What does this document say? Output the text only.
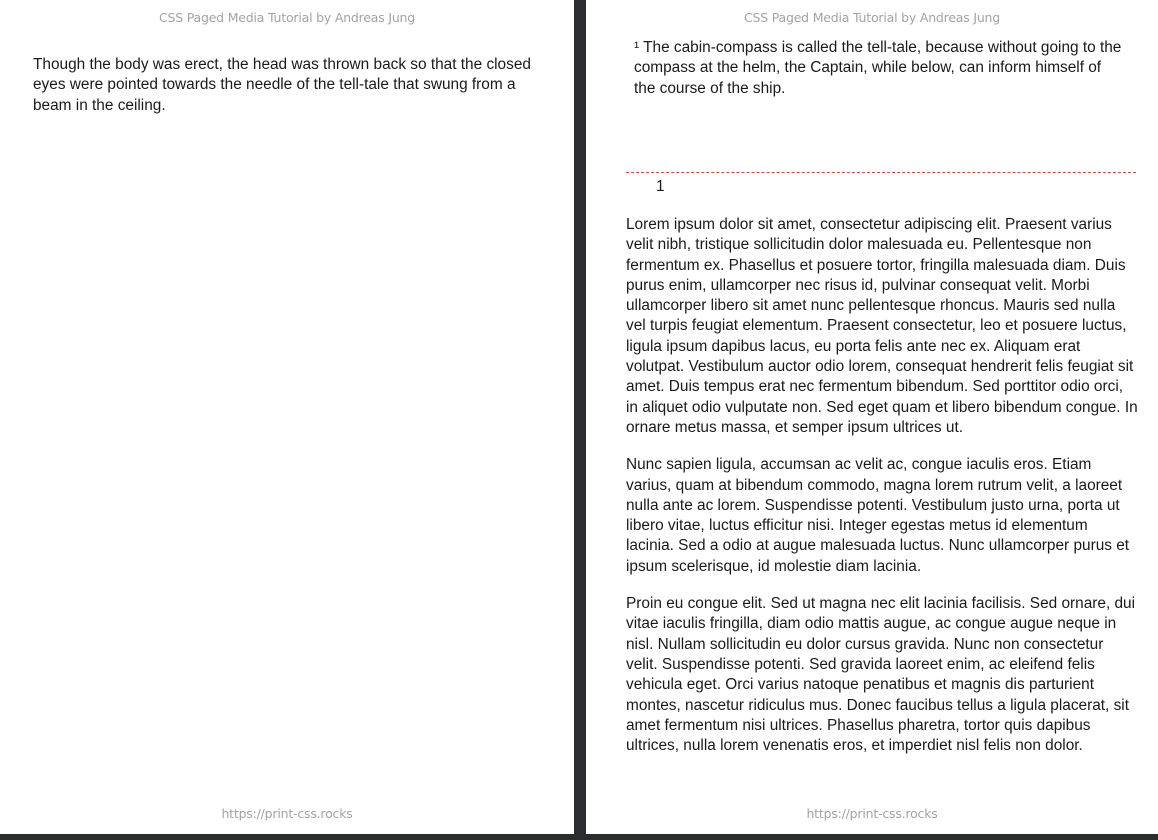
CSS Paged Media Tutorial by Andreas Jung

Though the body was erect, the head was thrown back so that the closed eyes were pointed towards the needle of the tell-tale that swung from a beam in the ceiling.

https://print-css.rocks
CSS Paged Media Tutorial by Andreas Jung

¹ The cabin-compass is called the tell-tale, because without going to the compass at the helm, the Captain, while below, can inform himself of the course of the ship.

1

Lorem ipsum dolor sit amet, consectetur adipiscing elit. Praesent varius velit nibh, tristique sollicitudin dolor malesuada eu. Pellentesque non fermentum ex. Phasellus et posuere tortor, fringilla malesuada diam. Duis purus enim, ullamcorper nec risus id, pulvinar consequat velit. Morbi ullamcorper libero sit amet nunc pellentesque rhoncus. Mauris sed nulla vel turpis feugiat elementum. Praesent consectetur, leo et posuere luctus, ligula ipsum dapibus lacus, eu porta felis ante nec ex. Aliquam erat volutpat. Vestibulum auctor odio lorem, consequat hendrerit felis feugiat sit amet. Duis tempus erat nec fermentum bibendum. Sed porttitor odio orci, in aliquet odio vulputate non. Sed eget quam et libero bibendum congue. In ornare metus massa, et semper ipsum ultrices ut.

Nunc sapien ligula, accumsan ac velit ac, congue iaculis eros. Etiam varius, quam at bibendum commodo, magna lorem rutrum velit, a laoreet nulla ante ac lorem. Suspendisse potenti. Vestibulum justo urna, porta ut libero vitae, luctus efficitur nisi. Integer egestas metus id elementum lacinia. Sed a odio at augue malesuada luctus. Nunc ullamcorper purus et ipsum scelerisque, id molestie diam lacinia.

Proin eu congue elit. Sed ut magna nec elit lacinia facilisis. Sed ornare, dui vitae iaculis fringilla, diam odio mattis augue, ac congue augue neque in nisl. Nullam sollicitudin eu dolor cursus gravida. Nunc non consectetur velit. Suspendisse potenti. Sed gravida laoreet enim, ac eleifend felis vehicula eget. Orci varius natoque penatibus et magnis dis parturient montes, nascetur ridiculus mus. Donec faucibus tellus a ligula placerat, sit amet fermentum nisi ultrices. Phasellus pharetra, tortor quis dapibus ultrices, nulla lorem venenatis eros, et imperdiet nisl felis non dolor.

https://print-css.rocks
